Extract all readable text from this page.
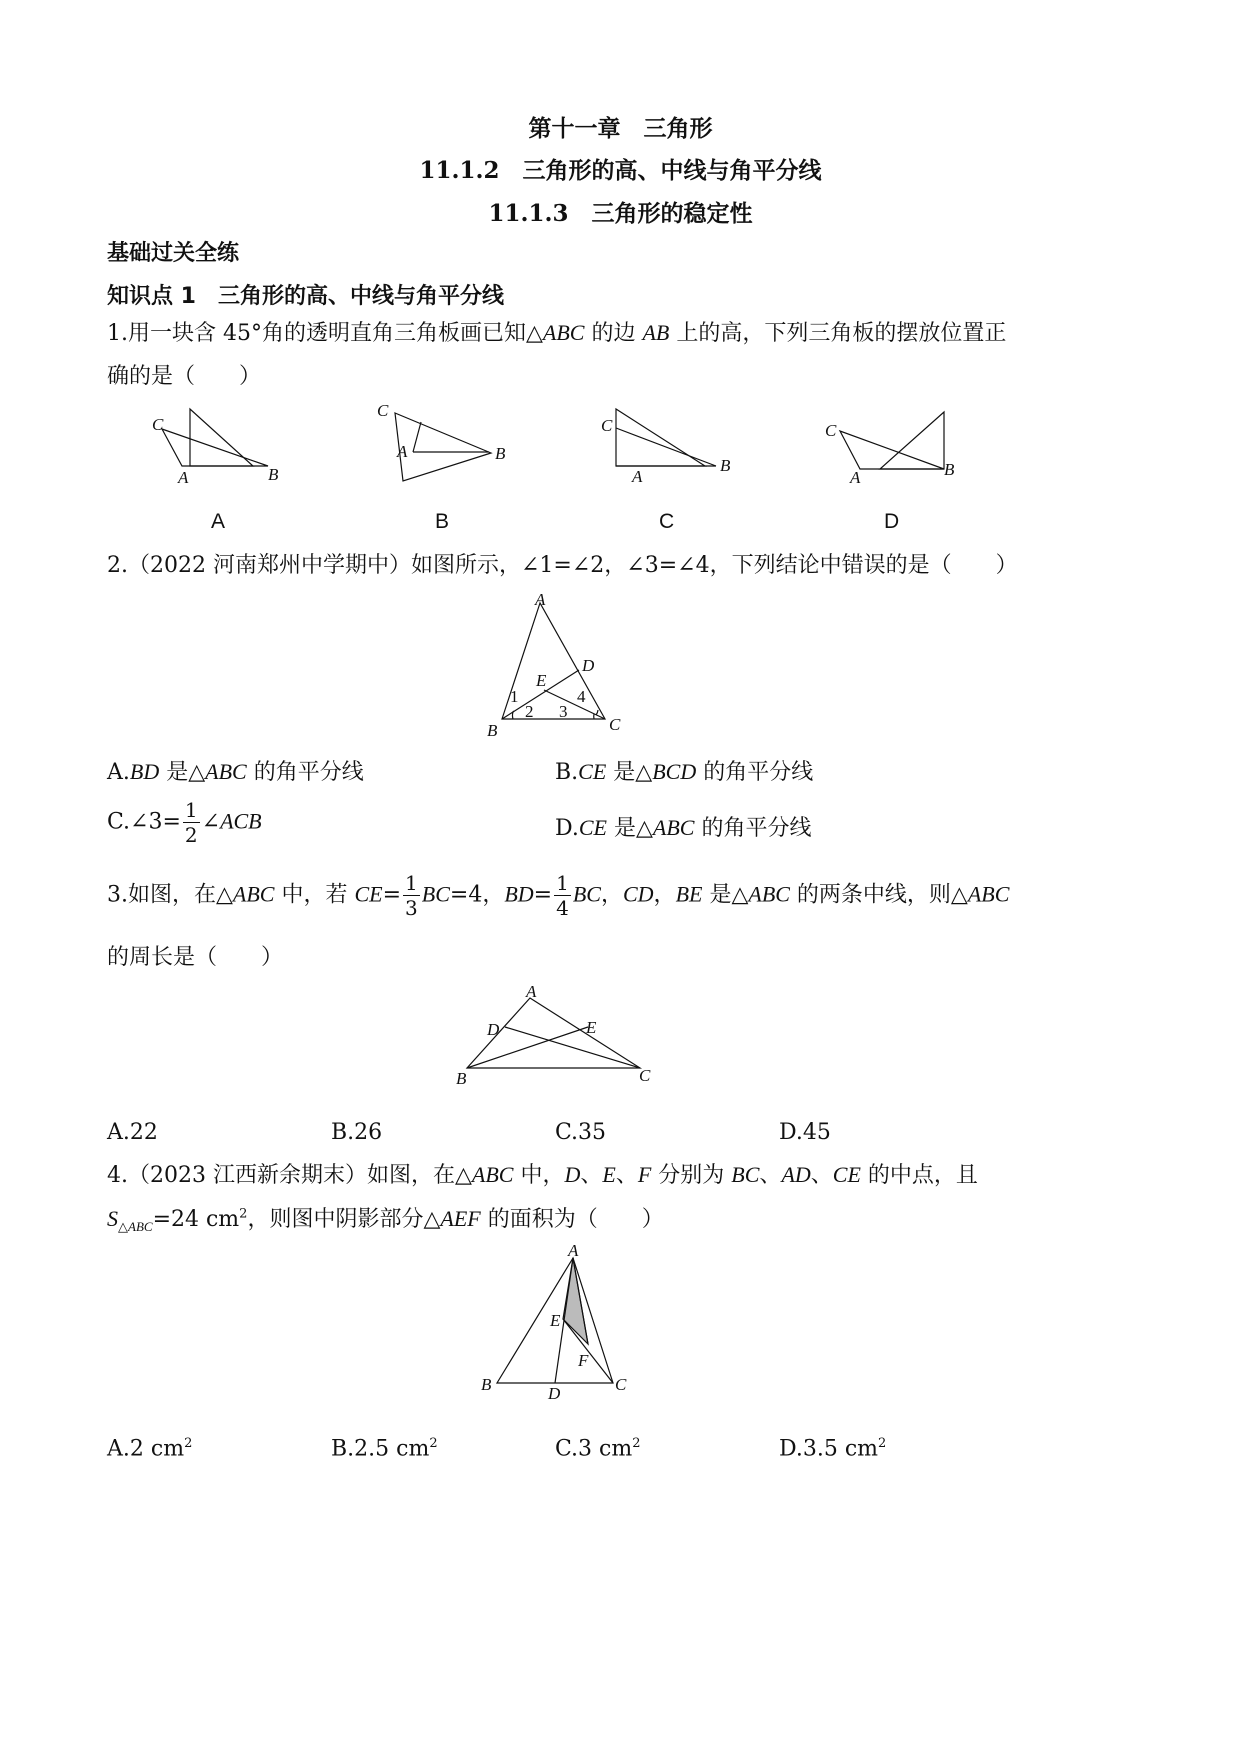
第十一章　三角形
11.1.2　三角形的高、中线与角平分线
11.1.3　三角形的稳定性
基础过关全练
知识点 1　三角形的高、中线与角平分线
1.用一块含 45°角的透明直角三角板画已知△ABC 的边 AB 上的高，下列三角板的摆放位置正
确的是（　　）
C
A	B
C
A	B
C
A
B
C
A	B
A	B	C	D
2.（2022 河南郑州中学期中）如图所示，∠1=∠2，∠3=∠4，下列结论中错误的是（　　）
A
D
E
B	C
1
2 3
4
A.BD 是△ABC 的角平分线	B.CE 是△BCD 的角平分线
C.∠3= $\frac{1}{2}$ ∠ACB	D.CE 是△ABC 的角平分线
3.如图，在△ABC 中，若 $CE= \frac{1}{3} BC=4$，$BD= \frac{1}{4}$ BC，CD，BE 是△ABC 的两条中线，则△ABC
的周长是（　　）
A
D	E
B	C
A.22	B.26	C.35	D.45
4.（2023 江西新余期末）如图，在△ABC 中，D、E、F 分别为 BC、AD、CE 的中点，且
$S_{\triangle ABC}=24$ $cm^2$，则图中阴影部分△AEF 的面积为（　　）
A
E
F
B	D	C
A.2 $cm^2$	B.2.5 $cm^2$	C.3 $cm^2$	D.3.5 $cm^2$
